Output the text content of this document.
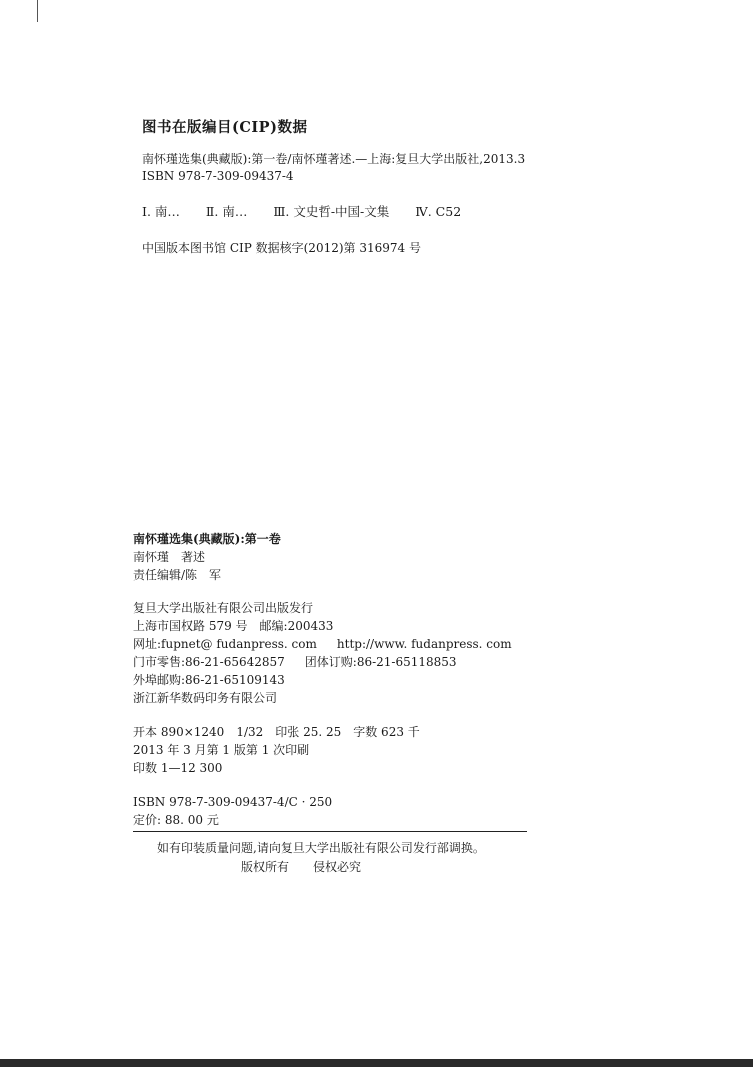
图书在版编目(CIP)数据
南怀瑾选集(典藏版):第一卷/南怀瑾著述.—上海:复旦大学出版社,2013.3
ISBN 978-7-309-09437-4
Ⅰ. 南… Ⅱ. 南… Ⅲ. 文史哲-中国-文集 Ⅳ. C52
中国版本图书馆 CIP 数据核字(2012)第 316974 号
南怀瑾选集(典藏版):第一卷
南怀瑾　著述
责任编辑/陈　军
复旦大学出版社有限公司出版发行
上海市国权路 579 号　邮编:200433
网址:fupnet@ fudanpress. com http://www. fudanpress. com
门市零售:86-21-65642857 团体订购:86-21-65118853
外埠邮购:86-21-65109143
浙江新华数码印务有限公司
开本 890×1240　1/32　印张 25. 25　字数 623 千
2013 年 3 月第 1 版第 1 次印刷
印数 1—12 300
ISBN 978-7-309-09437-4/C · 250
定价: 88. 00 元
如有印装质量问题,请向复旦大学出版社有限公司发行部调换。
版权所有　　侵权必究
